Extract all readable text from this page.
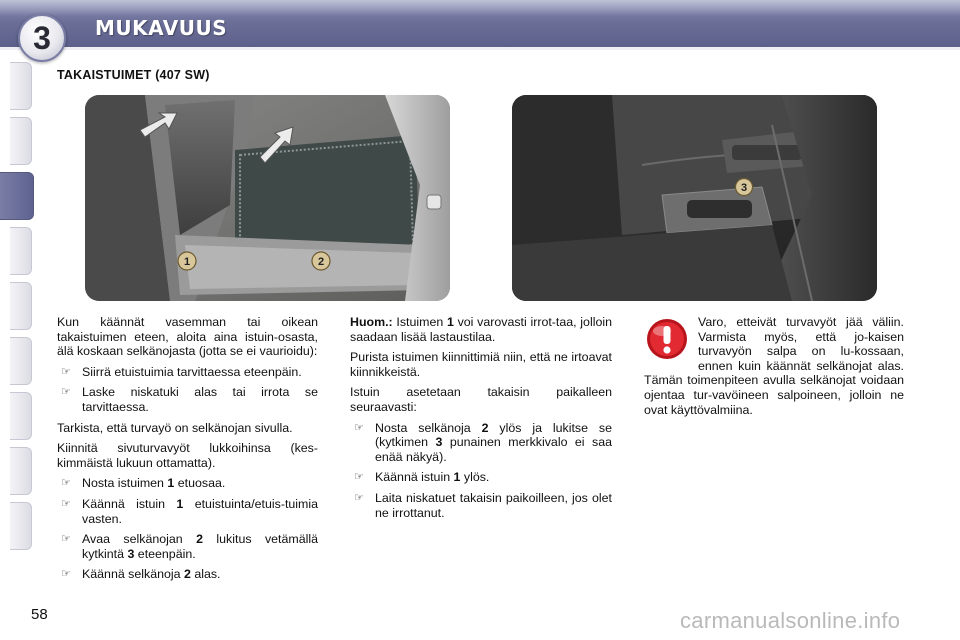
3	MUKAVUUS
TAKAISTUIMET (407 SW)
1	2
3

Kun käännät vasemman tai oikean takaistuimen eteen, aloita aina istuin-osasta, älä koskaan selkänojasta (jotta se ei vaurioidu):

☞ Siirrä etuistuimia tarvittaessa eteenpäin.
☞ Laske niskatuki alas tai irrota se tarvittaessa.

Tarkista, että turvayö on selkänojan sivulla.

Kiinnitä sivuturvavyöt lukkoihinsa (kes-kimmäistä lukuun ottamatta).

☞ Nosta istuimen 1 etuosaa.
☞ Käännä istuin 1 etuistuinta/etuis-tuimia vasten.
☞ Avaa selkänojan 2 lukitus vetämällä kytkintä 3 eteenpäin.
☞ Käännä selkänoja 2 alas.

Huom.: Istuimen 1 voi varovasti irrot-taa, jolloin saadaan lisää lastaustilaa.

Purista istuimen kiinnittimiä niin, että ne irtoavat kiinnikkeistä.

Istuin asetetaan takaisin paikalleen seuraavasti:

☞ Nosta selkänoja 2 ylös ja lukitse se (kytkimen 3 punainen merkkivalo ei saa enää näkyä).
☞ Käännä istuin 1 ylös.
☞ Laita niskatuet takaisin paikoilleen, jos olet ne irrottanut.

Varo, etteivät turvavyöt jää väliin. Varmista myös, että jo-kaisen turvavyön salpa on lu-kossaan, ennen kuin käännät selkänojat alas. Tämän toimenpiteen avulla selkänojat voidaan ojentaa tur-vavöineen salpoineen, jolloin ne ovat käyttövalmiina.

58	carmanualsonline.info
